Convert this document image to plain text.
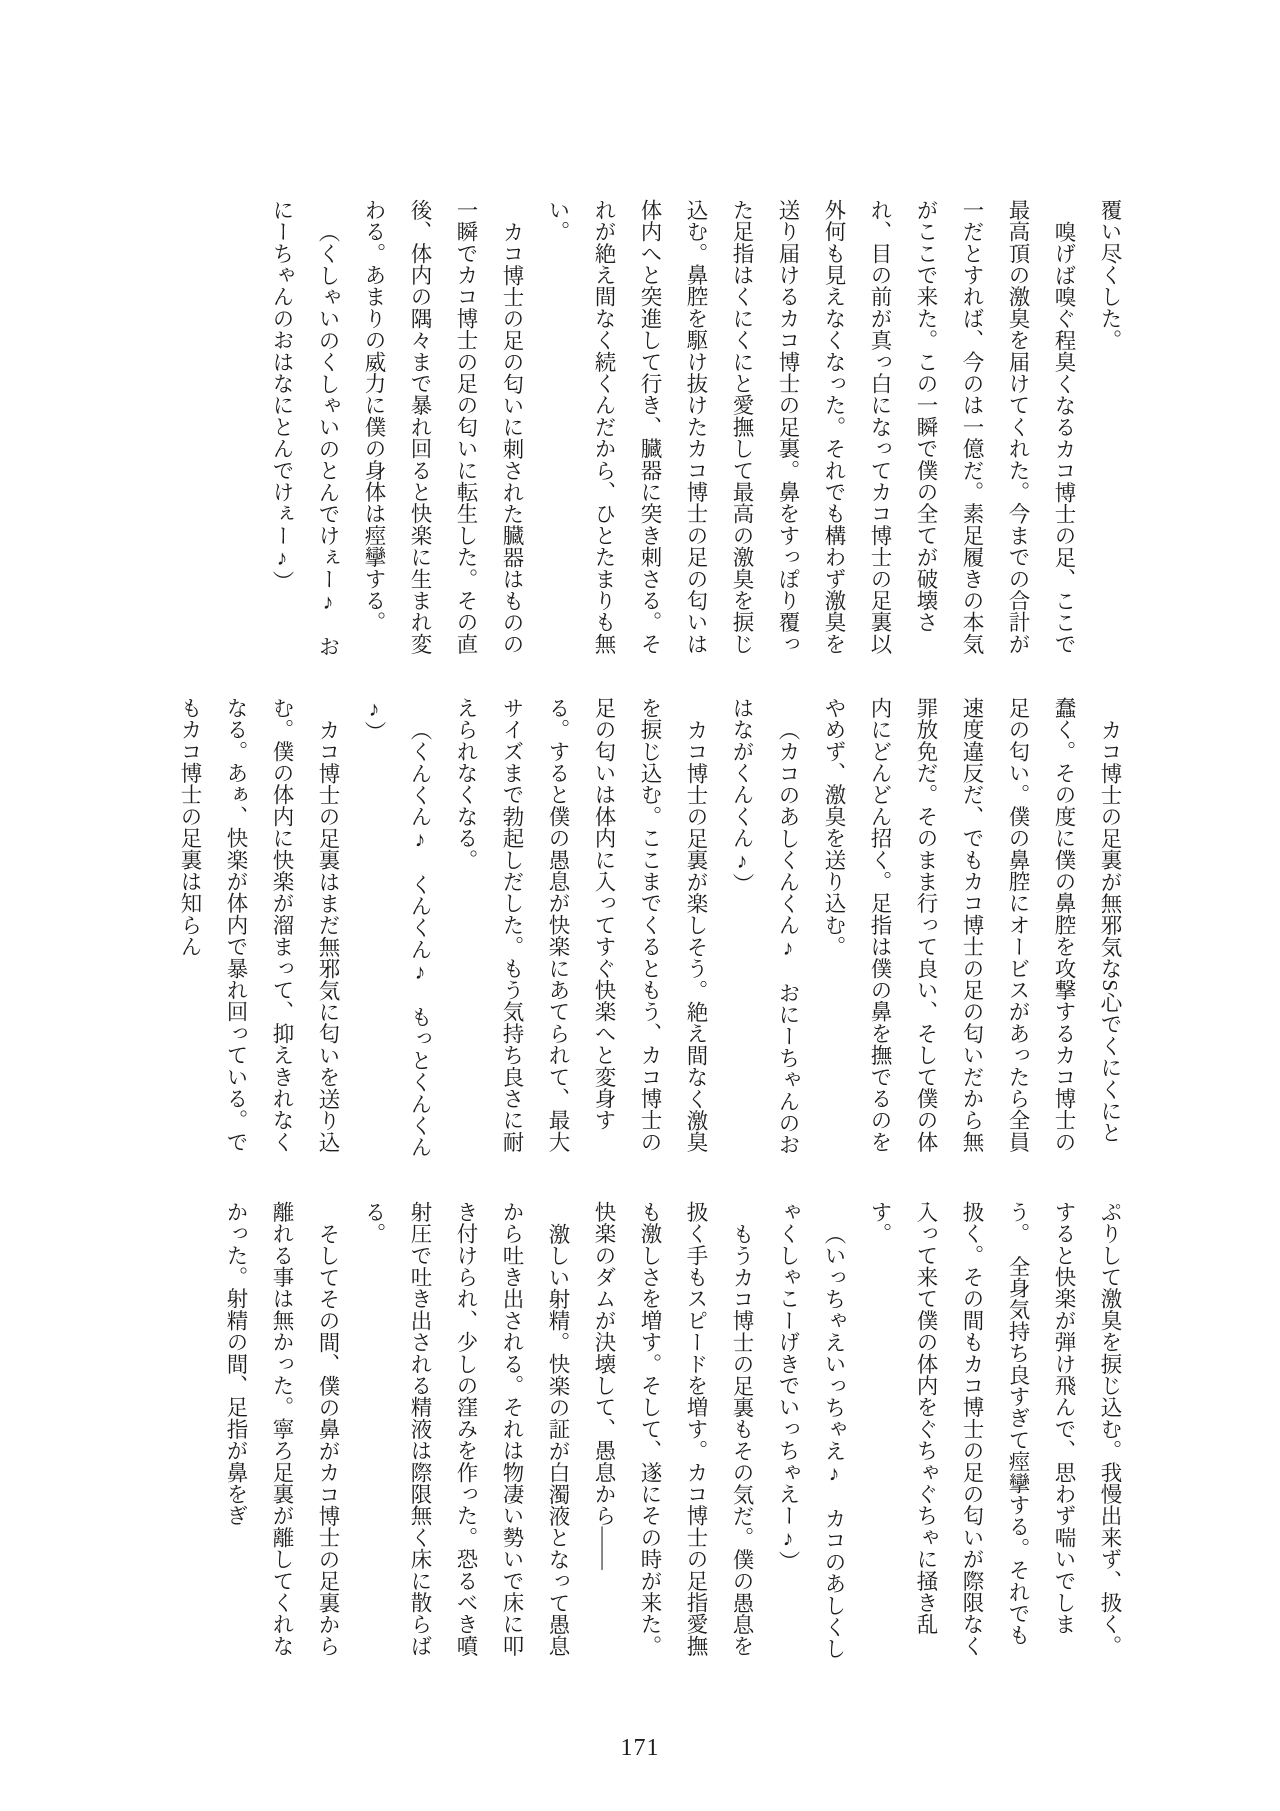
覆い尽くした。

嗅げば嗅ぐ程臭くなるカコ博士の足、ここで最高頂の激臭を届けてくれた。今までの合計が一だとすれば、今のは一億だ。素足履きの本気がここで来た。この一瞬で僕の全てが破壊され、目の前が真っ白になってカコ博士の足裏以外何も見えなくなった。それでも構わず激臭を送り届けるカコ博士の足裏。鼻をすっぽり覆った足指はくにくにと愛撫して最高の激臭を捩じ込む。鼻腔を駆け抜けたカコ博士の足の匂いは体内へと突進して行き、臓器に突き刺さる。それが絶え間なく続くんだから、ひとたまりも無い。

カコ博士の足の匂いに刺された臓器はものの一瞬でカコ博士の足の匂いに転生した。その直後、体内の隅々まで暴れ回ると快楽に生まれ変わる。あまりの威力に僕の身体は痙攣する。

（くしゃいのくしゃいのとんでけぇー♪　おにーちゃんのおはなにとんでけぇー♪）

カコ博士の足裏が無邪気なS心でくにくにと蠢く。その度に僕の鼻腔を攻撃するカコ博士の足の匂い。僕の鼻腔にオービスがあったら全員速度違反だ、でもカコ博士の足の匂いだから無罪放免だ。そのまま行って良い、そして僕の体内にどんどん招く。足指は僕の鼻を撫でるのをやめず、激臭を送り込む。

（カコのあしくんくん♪　おにーちゃんのおはながくんくん♪）

カコ博士の足裏が楽しそう。絶え間なく激臭を捩じ込む。ここまでくるともう、カコ博士の足の匂いは体内に入ってすぐ快楽へと変身する。すると僕の愚息が快楽にあてられて、最大サイズまで勃起しだした。もう気持ち良さに耐えられなくなる。

（くんくん♪　くんくん♪　もっとくんくん♪）

カコ博士の足裏はまだ無邪気に匂いを送り込む。僕の体内に快楽が溜まって、抑えきれなくなる。あぁ、快楽が体内で暴れ回っている。でもカコ博士の足裏は知らん

ぷりして激臭を捩じ込む。我慢出来ず、扱く。すると快楽が弾け飛んで、思わず喘いでしまう。　全身気持ち良すぎて痙攣する。それでも扱く。その間もカコ博士の足の匂いが際限なく入って来て僕の体内をぐちゃぐちゃに掻き乱す。

（いっちゃえいっちゃえ♪　カコのあしくしゃくしゃこーげきでいっちゃえー♪）

もうカコ博士の足裏もその気だ。僕の愚息を扱く手もスピードを増す。カコ博士の足指愛撫も激しさを増す。そして、遂にその時が来た。快楽のダムが決壊して、愚息から――

激しい射精。快楽の証が白濁液となって愚息から吐き出される。それは物凄い勢いで床に叩き付けられ、少しの窪みを作った。恐るべき噴射圧で吐き出される精液は際限無く床に散らばる。

そしてその間、僕の鼻がカコ博士の足裏から離れる事は無かった。寧ろ足裏が離してくれなかった。射精の間、足指が鼻をぎ

171
